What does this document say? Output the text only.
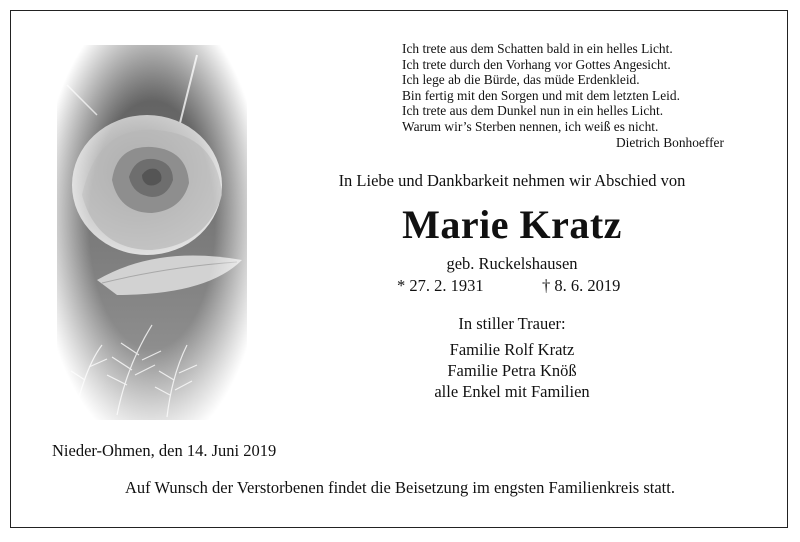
Ich trete aus dem Schatten bald in ein helles Licht.
Ich trete durch den Vorhang vor Gottes Angesicht.
Ich lege ab die Bürde, das müde Erdenkleid.
Bin fertig mit den Sorgen und mit dem letzten Leid.
Ich trete aus dem Dunkel nun in ein helles Licht.
Warum wir’s Sterben nennen, ich weiß es nicht.
Dietrich Bonhoeffer
In Liebe und Dankbarkeit nehmen wir Abschied von
Marie Kratz
geb. Ruckelshausen
* 27. 2. 1931	† 8. 6. 2019
In stiller Trauer:
Familie Rolf Kratz
Familie Petra Knöß
alle Enkel mit Familien
Nieder-Ohmen, den 14. Juni 2019
Auf Wunsch der Verstorbenen findet die Beisetzung im engsten Familienkreis statt.
